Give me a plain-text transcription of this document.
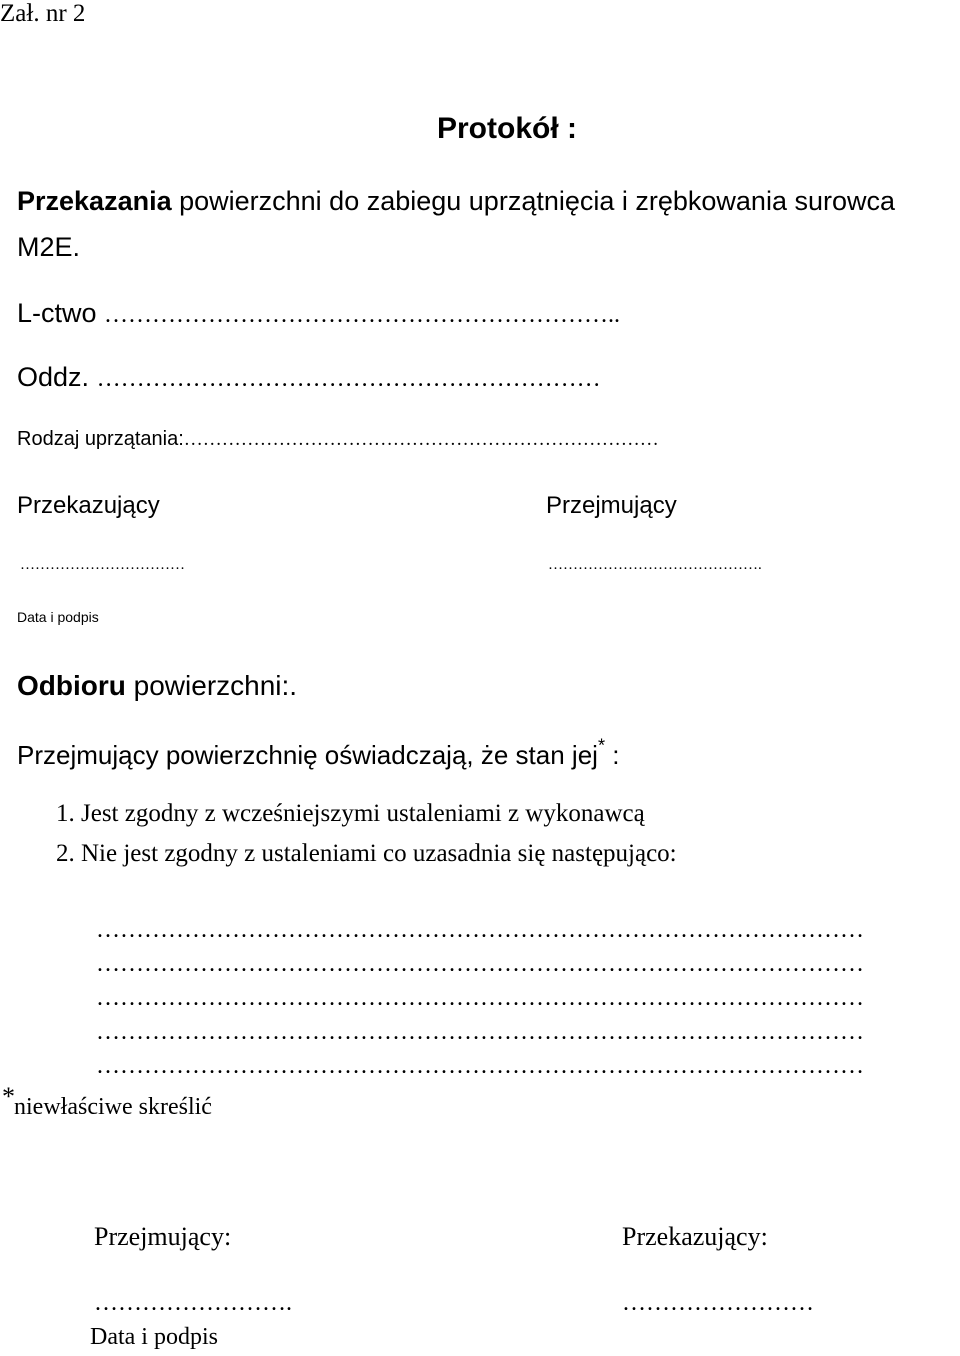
Zał. nr 2
Protokół :
Przekazania powierzchni do zabiegu uprzątnięcia i zrębkowania surowca
M2E.
L-ctwo ………………………………………………………..
Oddz. ………………………………………………………
Rodzaj uprzątania:…………………………………………………………………
Przekazujący	Przejmujący
……………………………	…………………………………….
Data i podpis
Odbioru powierzchni:.
Przejmujący powierzchnię oświadczają, że stan jej* :
1. Jest zgodny z wcześniejszymi ustaleniami z wykonawcą
2. Nie jest zgodny z ustaleniami co uzasadnia się następująco:
……………………………………………………………………………………
……………………………………………………………………………………
……………………………………………………………………………………
……………………………………………………………………………………
……………………………………………………………………………………
* niewłaściwe skreślić
Przejmujący:	Przekazujący:
…………………….	……………………
Data i podpis
